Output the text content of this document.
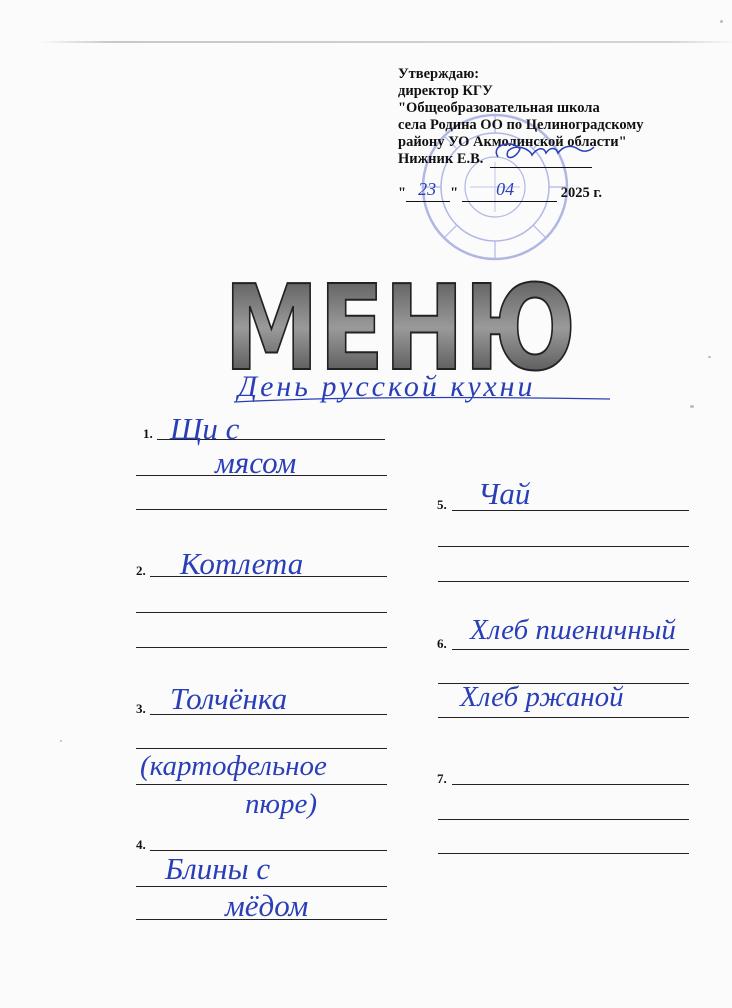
Утверждаю:
директор КГУ
"Общеобразовательная школа
села Родина ОО по Целиноградскому
району УО Акмолинской области"
Нижник Е.В.
" 23 " 04	2025 г.
МЕНЮ
День русской кухни
1. Щи с
мясом
2. Котлета
3. Толчёнка
(картофельное
пюре)
4.
Блины с
мёдом
5. Чай
6. Хлеб пшеничный
Хлеб ржаной
7.
